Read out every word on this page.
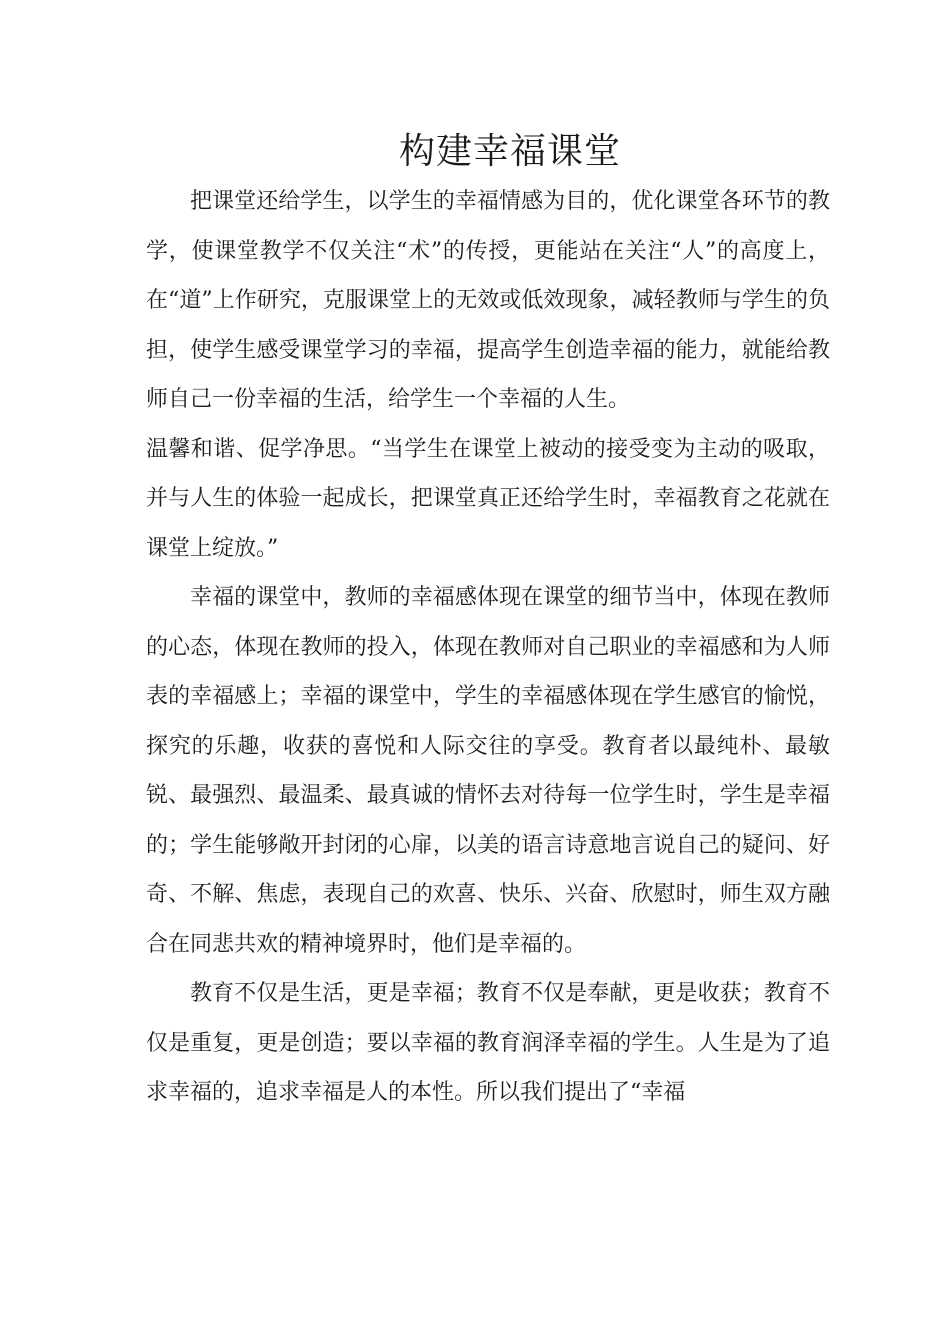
构建幸福课堂

把课堂还给学生，以学生的幸福情感为目的，优化课堂各环节的教学，使课堂教学不仅关注“术”的传授，更能站在关注“人”的高度上，在“道”上作研究，克服课堂上的无效或低效现象，减轻教师与学生的负担，使学生感受课堂学习的幸福，提高学生创造幸福的能力，就能给教师自己一份幸福的生活，给学生一个幸福的人生。

温馨和谐、促学净思。“当学生在课堂上被动的接受变为主动的吸取，并与人生的体验一起成长，把课堂真正还给学生时，幸福教育之花就在课堂上绽放。”

幸福的课堂中，教师的幸福感体现在课堂的细节当中，体现在教师的心态，体现在教师的投入，体现在教师对自己职业的幸福感和为人师表的幸福感上；幸福的课堂中，学生的幸福感体现在学生感官的愉悦，探究的乐趣，收获的喜悦和人际交往的享受。教育者以最纯朴、最敏锐、最强烈、最温柔、最真诚的情怀去对待每一位学生时，学生是幸福的；学生能够敞开封闭的心扉，以美的语言诗意地言说自己的疑问、好奇、不解、焦虑，表现自己的欢喜、快乐、兴奋、欣慰时，师生双方融合在同悲共欢的精神境界时，他们是幸福的。

教育不仅是生活，更是幸福；教育不仅是奉献，更是收获；教育不仅是重复，更是创造；要以幸福的教育润泽幸福的学生。人生是为了追求幸福的，追求幸福是人的本性。所以我们提出了“幸福
